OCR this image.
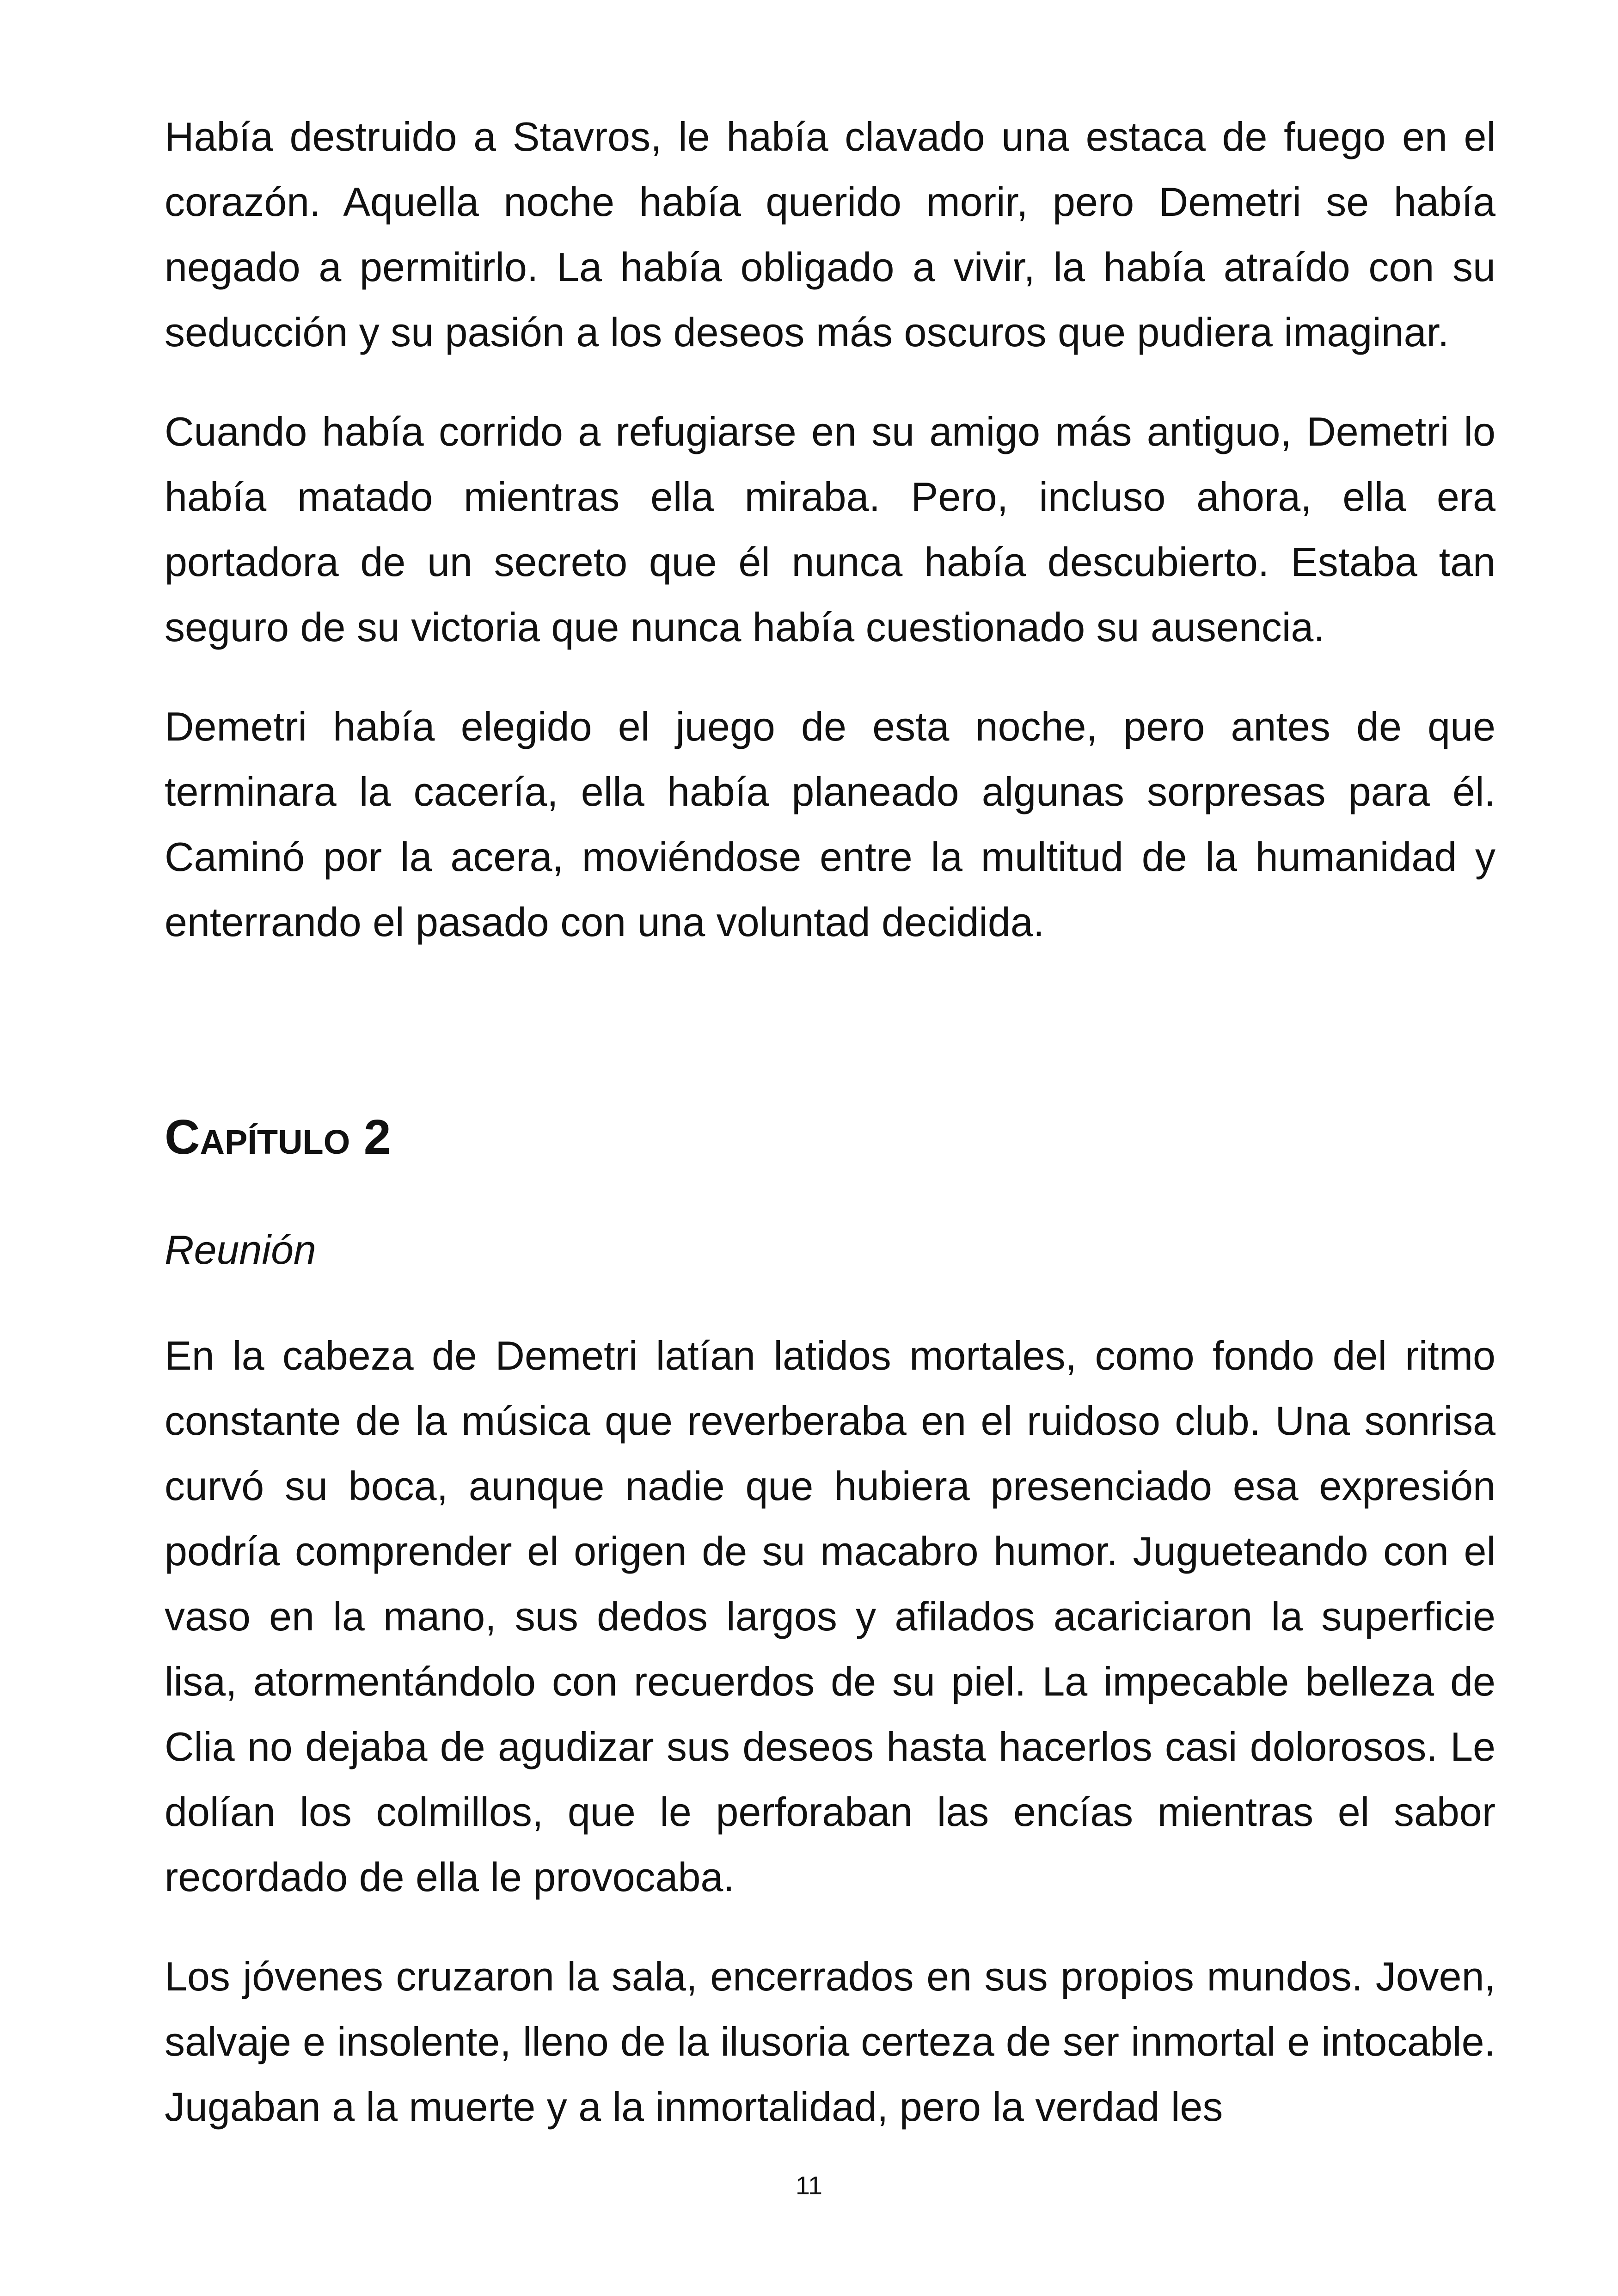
Había destruido a Stavros, le había clavado una estaca de fuego en el corazón. Aquella noche había querido morir, pero Demetri se había negado a permitirlo. La había obligado a vivir, la había atraído con su seducción y su pasión a los deseos más oscuros que pudiera imaginar.

Cuando había corrido a refugiarse en su amigo más antiguo, Demetri lo había matado mientras ella miraba. Pero, incluso ahora, ella era portadora de un secreto que él nunca había descubierto. Estaba tan seguro de su victoria que nunca había cuestionado su ausencia.

Demetri había elegido el juego de esta noche, pero antes de que terminara la cacería, ella había planeado algunas sorpresas para él. Caminó por la acera, moviéndose entre la multitud de la humanidad y enterrando el pasado con una voluntad decidida.

Capítulo 2

Reunión

En la cabeza de Demetri latían latidos mortales, como fondo del ritmo constante de la música que reverberaba en el ruidoso club. Una sonrisa curvó su boca, aunque nadie que hubiera presenciado esa expresión podría comprender el origen de su macabro humor. Jugueteando con el vaso en la mano, sus dedos largos y afilados acariciaron la superficie lisa, atormentándolo con recuerdos de su piel. La impecable belleza de Clia no dejaba de agudizar sus deseos hasta hacerlos casi dolorosos. Le dolían los colmillos, que le perforaban las encías mientras el sabor recordado de ella le provocaba.

Los jóvenes cruzaron la sala, encerrados en sus propios mundos. Joven, salvaje e insolente, lleno de la ilusoria certeza de ser inmortal e intocable. Jugaban a la muerte y a la inmortalidad, pero la verdad les

11
